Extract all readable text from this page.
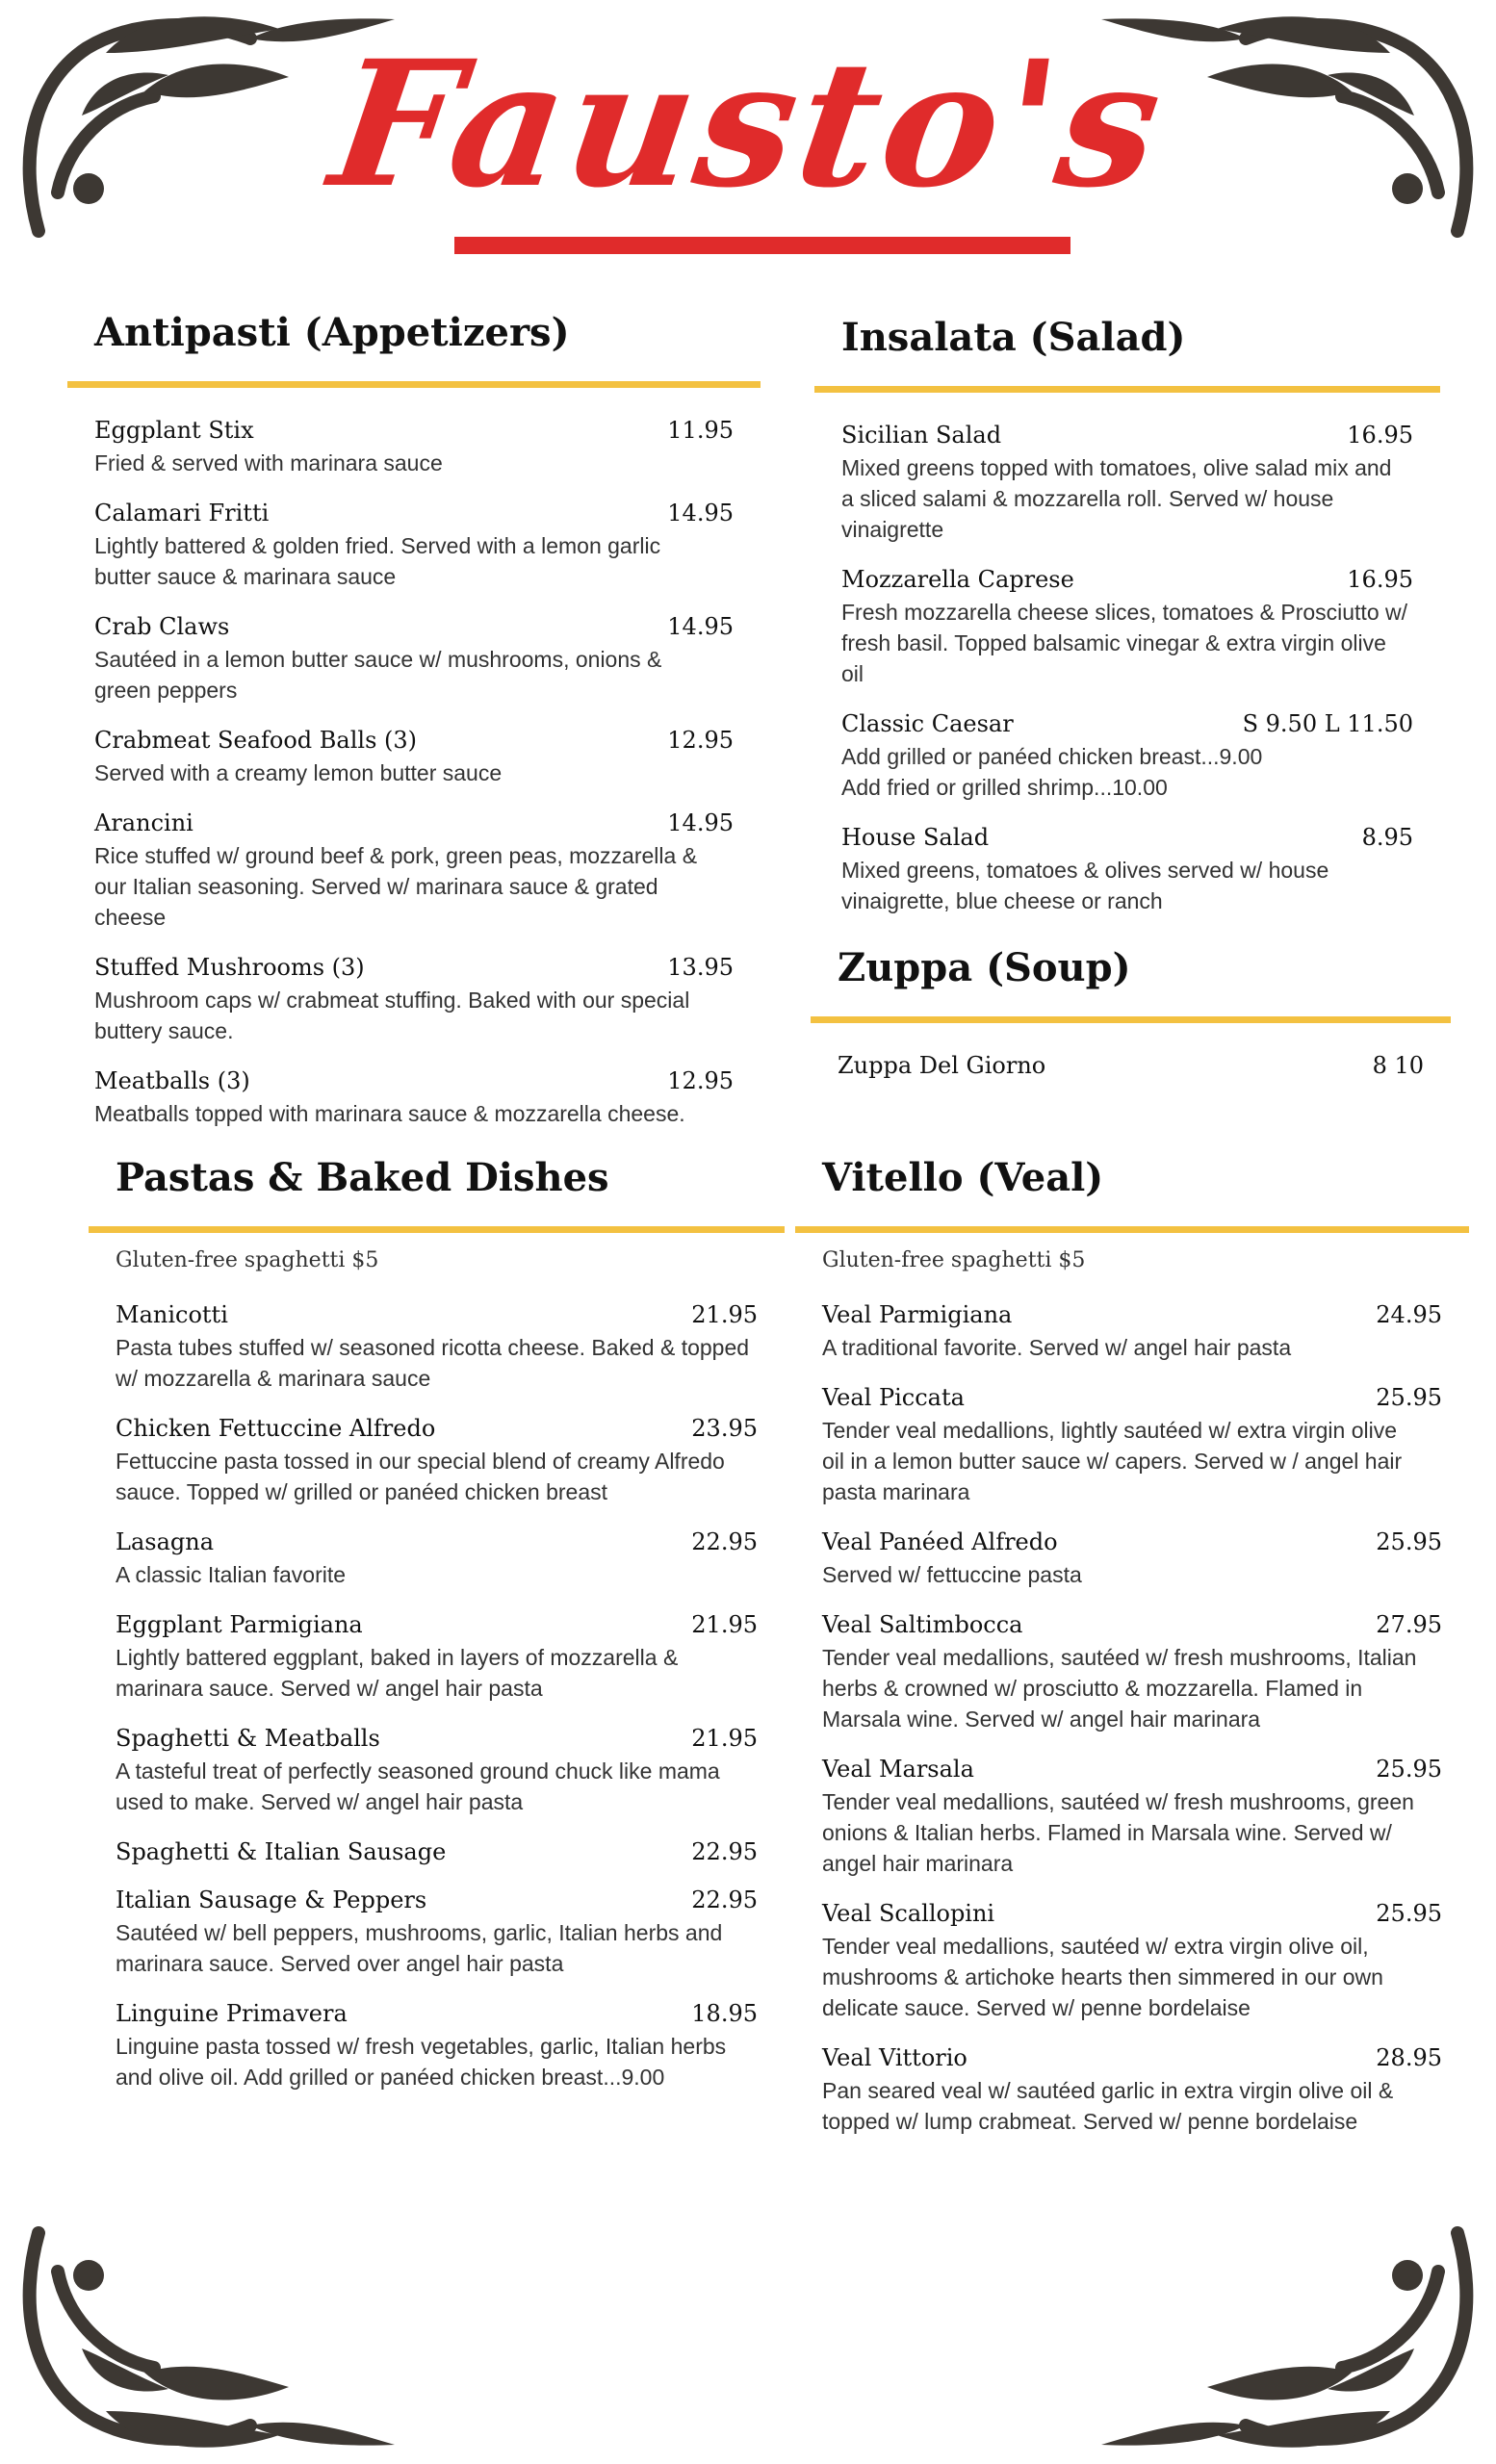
Fausto's
Antipasti (Appetizers)
Eggplant Stix	11.95
Fried & served with marinara sauce
Calamari Fritti	14.95
Lightly battered & golden fried. Served with a lemon garlic
butter sauce & marinara sauce
Crab Claws	14.95
Sautéed in a lemon butter sauce w/ mushrooms, onions &
green peppers
Crabmeat Seafood Balls (3)	12.95
Served with a creamy lemon butter sauce
Arancini	14.95
Rice stuffed w/ ground beef & pork, green peas, mozzarella &
our Italian seasoning. Served w/ marinara sauce & grated
cheese
Stuffed Mushrooms (3)	13.95
Mushroom caps w/ crabmeat stuffing. Baked with our special
buttery sauce.
Meatballs (3)	12.95
Meatballs topped with marinara sauce & mozzarella cheese.
Insalata (Salad)
Sicilian Salad	16.95
Mixed greens topped with tomatoes, olive salad mix and
a sliced salami & mozzarella roll. Served w/ house
vinaigrette
Mozzarella Caprese	16.95
Fresh mozzarella cheese slices, tomatoes & Prosciutto w/
fresh basil. Topped balsamic vinegar & extra virgin olive
oil
Classic Caesar	S 9.50 L 11.50
Add grilled or panéed chicken breast...9.00
Add fried or grilled shrimp...10.00
House Salad	8.95
Mixed greens, tomatoes & olives served w/ house
vinaigrette, blue cheese or ranch
Zuppa (Soup)
Zuppa Del Giorno	8 10
Pastas & Baked Dishes
Gluten-free spaghetti $5
Manicotti	21.95
Pasta tubes stuffed w/ seasoned ricotta cheese. Baked & topped
w/ mozzarella & marinara sauce
Chicken Fettuccine Alfredo	23.95
Fettuccine pasta tossed in our special blend of creamy Alfredo
sauce. Topped w/ grilled or panéed chicken breast
Lasagna	22.95
A classic Italian favorite
Eggplant Parmigiana	21.95
Lightly battered eggplant, baked in layers of mozzarella &
marinara sauce. Served w/ angel hair pasta
Spaghetti & Meatballs	21.95
A tasteful treat of perfectly seasoned ground chuck like mama
used to make. Served w/ angel hair pasta
Spaghetti & Italian Sausage	22.95
Italian Sausage & Peppers	22.95
Sautéed w/ bell peppers, mushrooms, garlic, Italian herbs and
marinara sauce. Served over angel hair pasta
Linguine Primavera	18.95
Linguine pasta tossed w/ fresh vegetables, garlic, Italian herbs
and olive oil. Add grilled or panéed chicken breast...9.00
Vitello (Veal)
Gluten-free spaghetti $5
Veal Parmigiana	24.95
A traditional favorite. Served w/ angel hair pasta
Veal Piccata	25.95
Tender veal medallions, lightly sautéed w/ extra virgin olive
oil in a lemon butter sauce w/ capers. Served w / angel hair
pasta marinara
Veal Panéed Alfredo	25.95
Served w/ fettuccine pasta
Veal Saltimbocca	27.95
Tender veal medallions, sautéed w/ fresh mushrooms, Italian
herbs & crowned w/ prosciutto & mozzarella. Flamed in
Marsala wine. Served w/ angel hair marinara
Veal Marsala	25.95
Tender veal medallions, sautéed w/ fresh mushrooms, green
onions & Italian herbs. Flamed in Marsala wine. Served w/
angel hair marinara
Veal Scallopini	25.95
Tender veal medallions, sautéed w/ extra virgin olive oil,
mushrooms & artichoke hearts then simmered in our own
delicate sauce. Served w/ penne bordelaise
Veal Vittorio	28.95
Pan seared veal w/ sautéed garlic in extra virgin olive oil &
topped w/ lump crabmeat. Served w/ penne bordelaise
